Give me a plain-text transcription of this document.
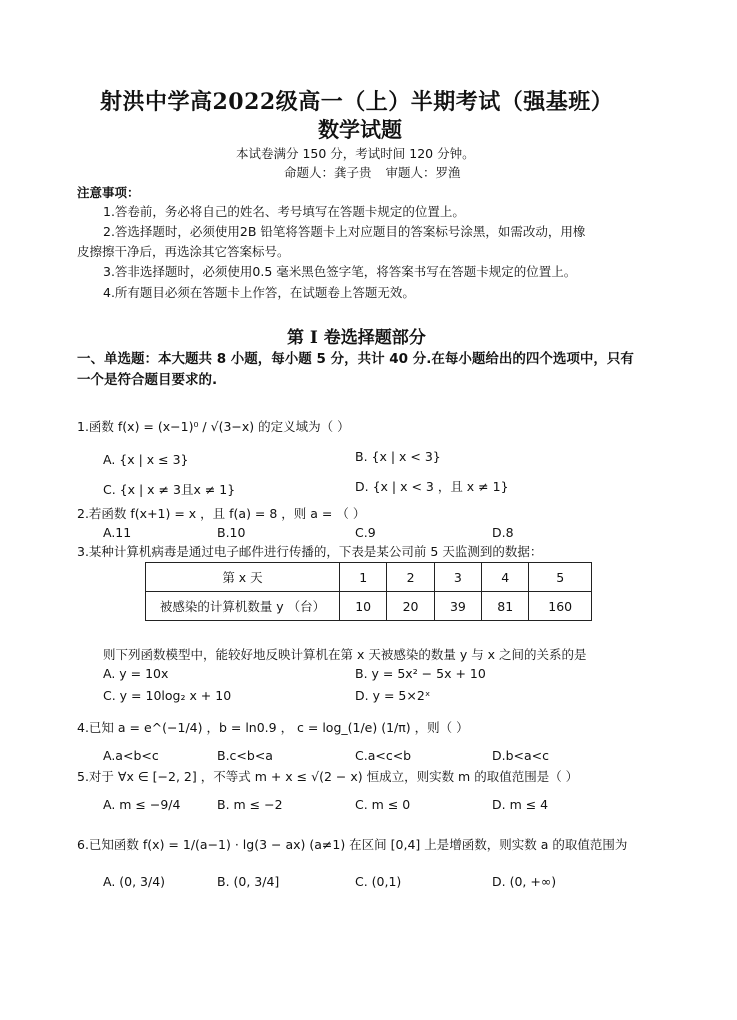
射洪中学高2022级高一（上）半期考试（强基班）
数学试题
本试卷满分 150 分，考试时间 120 分钟。
命题人：龚子贵 审题人：罗渔
注意事项：
1.答卷前，务必将自己的姓名、考号填写在答题卡规定的位置上。
2.答选择题时，必须使用2B 铅笔将答题卡上对应题目的答案标号涂黑，如需改动，用橡
皮擦擦干净后，再选涂其它答案标号。
3.答非选择题时，必须使用0.5 毫米黑色签字笔，将答案书写在答题卡规定的位置上。
4.所有题目必须在答题卡上作答，在试题卷上答题无效。
第 I 卷选择题部分
一、单选题：本大题共 8 小题，每小题 5 分，共计 40 分.在每小题给出的四个选项中，只有
一个是符合题目要求的.
1.函数 f(x) = (x−1)⁰ / √(3−x) 的定义域为（ ）
A. {x | x ≤ 3}	B. {x | x < 3}
C. {x | x ≠ 3且x ≠ 1}	D. {x | x < 3 ，且 x ≠ 1}
2.若函数 f(x+1) = x ，且 f(a) = 8 ，则 a = （ ）
A.11	B.10	C.9	D.8
3.某种计算机病毒是通过电子邮件进行传播的，下表是某公司前 5 天监测到的数据：
第 x 天	1	2	3	4	5
被感染的计算机数量 y （台）	10	20	39	81	160
则下列函数模型中，能较好地反映计算机在第 x 天被感染的数量 y 与 x 之间的关系的是
A. y = 10x	B. y = 5x² − 5x + 10
C. y = 10log₂ x + 10	D. y = 5×2ˣ
4.已知 a = e^(−1/4) ，b = ln0.9 ， c = log_(1/e) (1/π) ，则（ ）
A.a<b<c	B.c<b<a	C.a<c<b	D.b<a<c
5.对于 ∀x ∈ [−2, 2] ，不等式 m + x ≤ √(2 − x) 恒成立，则实数 m 的取值范围是（ ）
A. m ≤ −9/4	B. m ≤ −2	C. m ≤ 0	D. m ≤ 4
6.已知函数 f(x) = 1/(a−1) · lg(3 − ax) (a≠1) 在区间 [0,4] 上是增函数，则实数 a 的取值范围为
A. (0, 3/4)	B. (0, 3/4]	C. (0,1)	D. (0, +∞)
